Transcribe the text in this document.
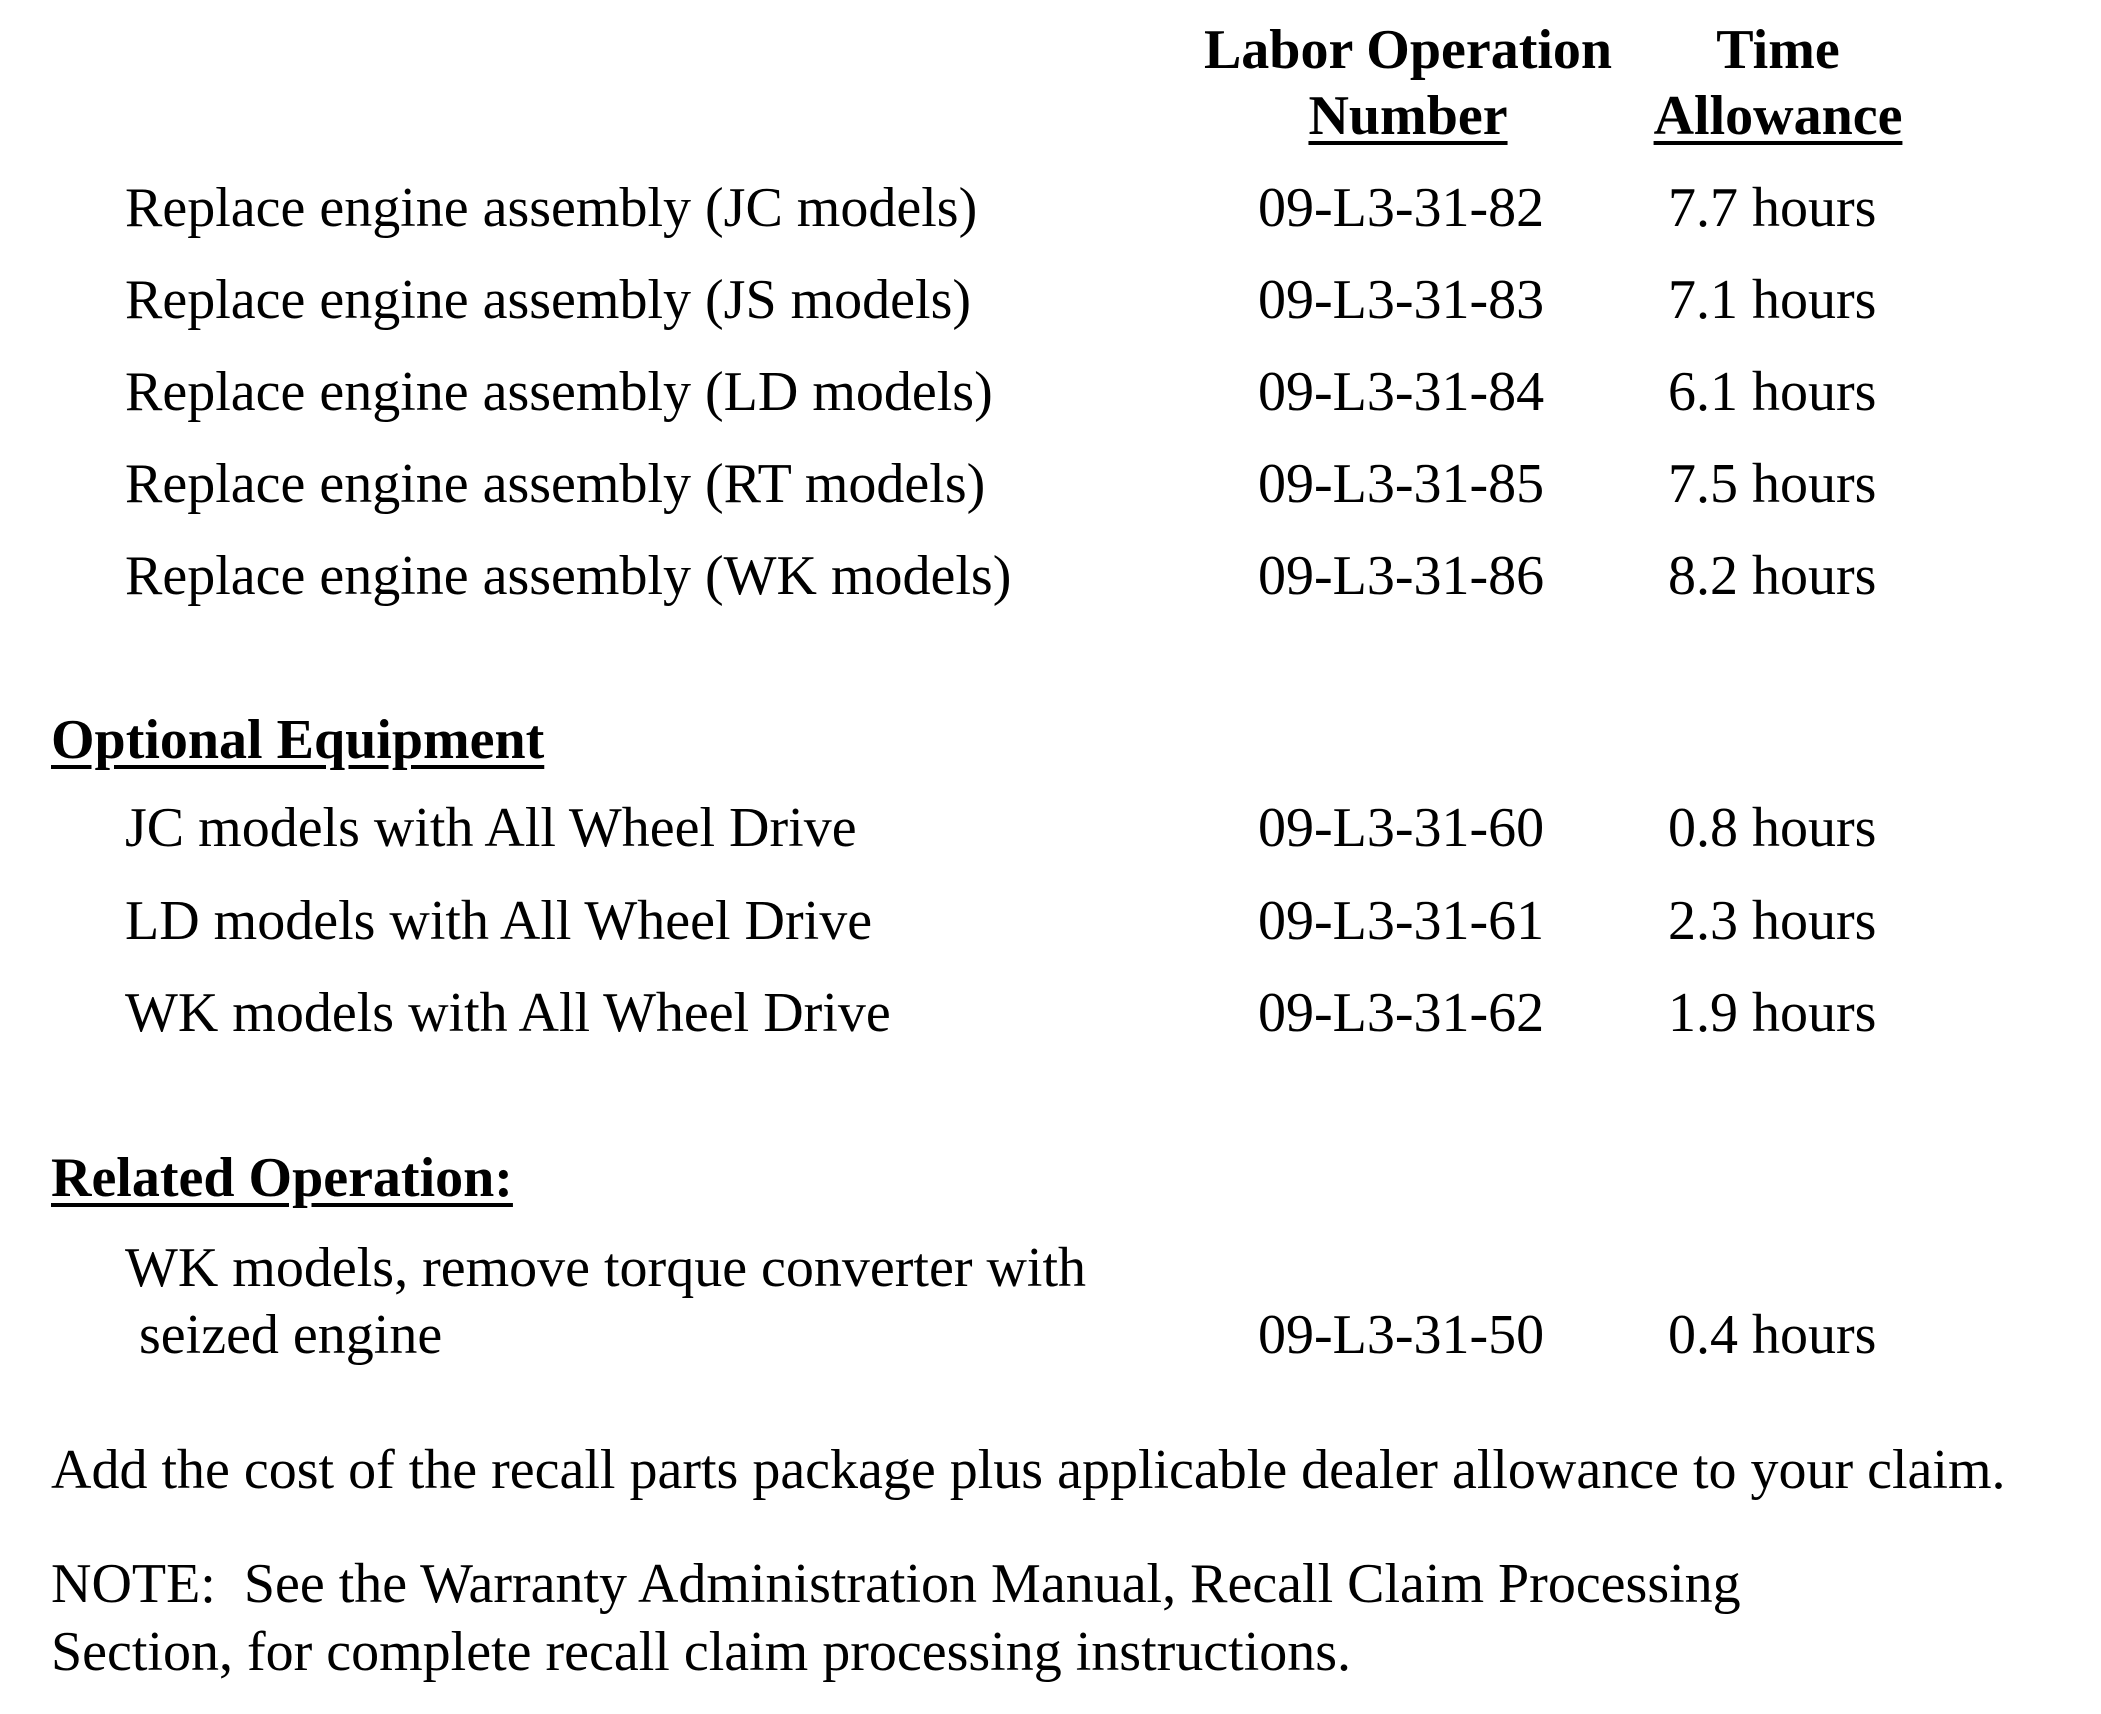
Labor Operation
Number
Time
Allowance
Replace engine assembly (JC models)	09-L3-31-82 7.7 hours
Replace engine assembly (JS models)	09-L3-31-83 7.1 hours
Replace engine assembly (LD models)	09-L3-31-84 6.1 hours
Replace engine assembly (RT models)	09-L3-31-85 7.5 hours
Replace engine assembly (WK models)	09-L3-31-86 8.2 hours
Optional Equipment
JC models with All Wheel Drive	09-L3-31-60 0.8 hours
LD models with All Wheel Drive	09-L3-31-61 2.3 hours
WK models with All Wheel Drive	09-L3-31-62 1.9 hours
Related Operation:
WK models, remove torque converter with
seized engine	09-L3-31-50 0.4 hours
Add the cost of the recall parts package plus applicable dealer allowance to your claim.
NOTE:  See the Warranty Administration Manual, Recall Claim Processing
Section, for complete recall claim processing instructions.
